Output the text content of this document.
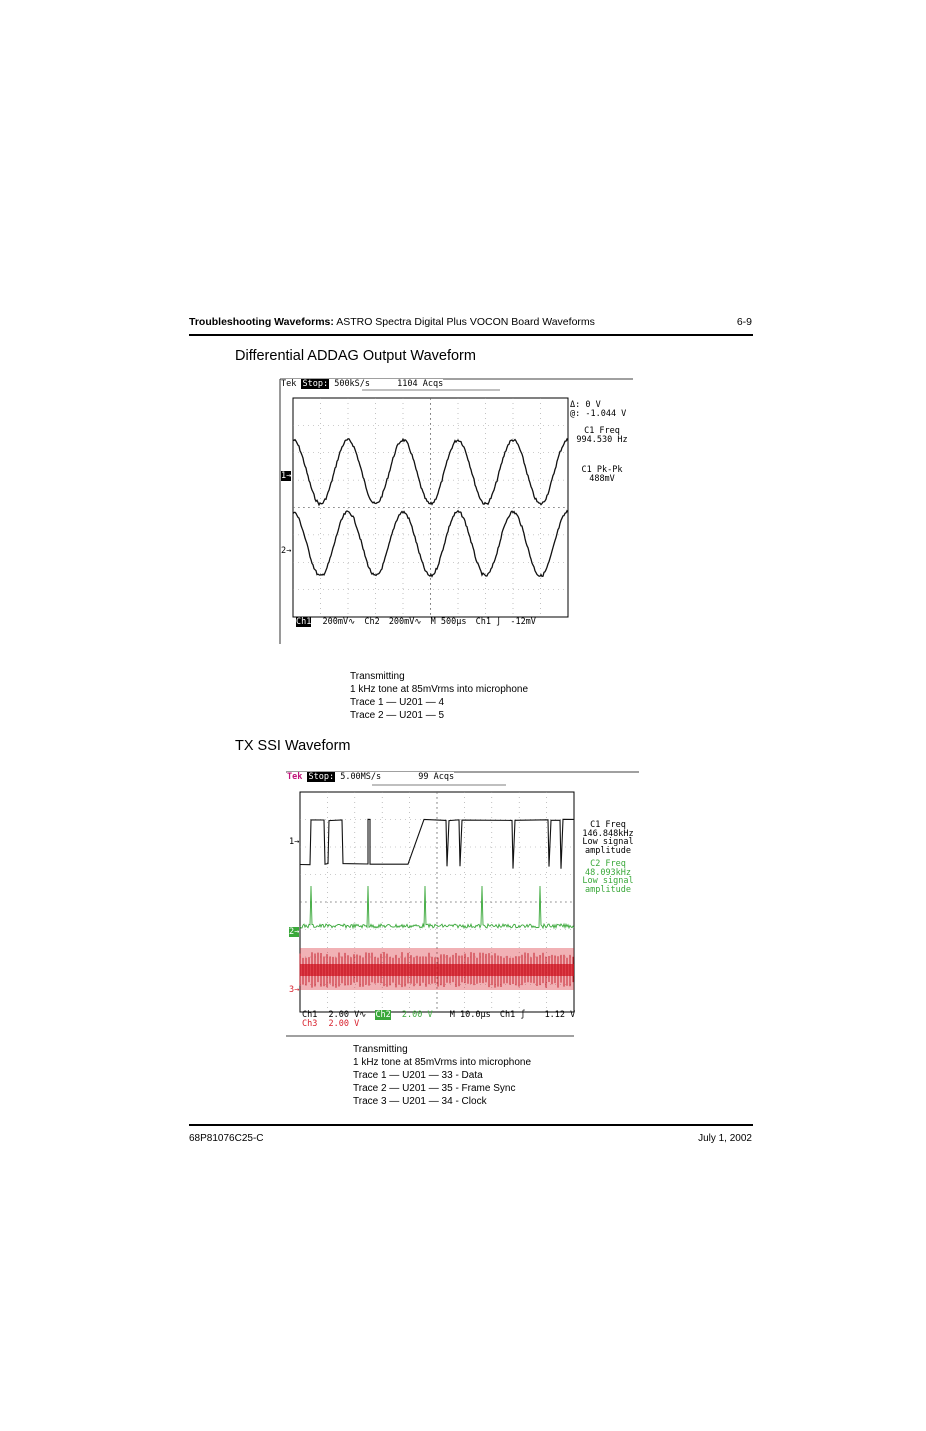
Troubleshooting Waveforms: ASTRO Spectra Digital Plus VOCON Board Waveforms	6-9
Differential ADDAG Output Waveform
Tek Stop: 500kS/s	1104 Acqs
Δ: 0 V
@: -1.044 V
C1 Freq
994.530 Hz
C1 Pk-Pk
488mV
1→
2→
Ch1 200mV∿ Ch2 200mV∿ M 500µs Ch1 ∫ -12mV
Transmitting
1 kHz tone at 85mVrms into microphone
Trace 1 — U201 — 4
Trace 2 — U201 — 5
TX SSI Waveform
Tek Stop: 5.00MS/s	99 Acqs
C1 Freq
146.848kHz
Low signal
amplitude
C2 Freq
48.093kHz
Low signal
amplitude
1→
2→
3→
Ch1 2.00 V∿ Ch2 2.00 V M 10.0µs Ch1 ∫ 1.12 V
Ch3 2.00 V
Transmitting
1 kHz tone at 85mVrms into microphone
Trace 1 — U201 — 33 - Data
Trace 2 — U201 — 35 - Frame Sync
Trace 3 — U201 — 34 - Clock
68P81076C25-C	July 1, 2002
